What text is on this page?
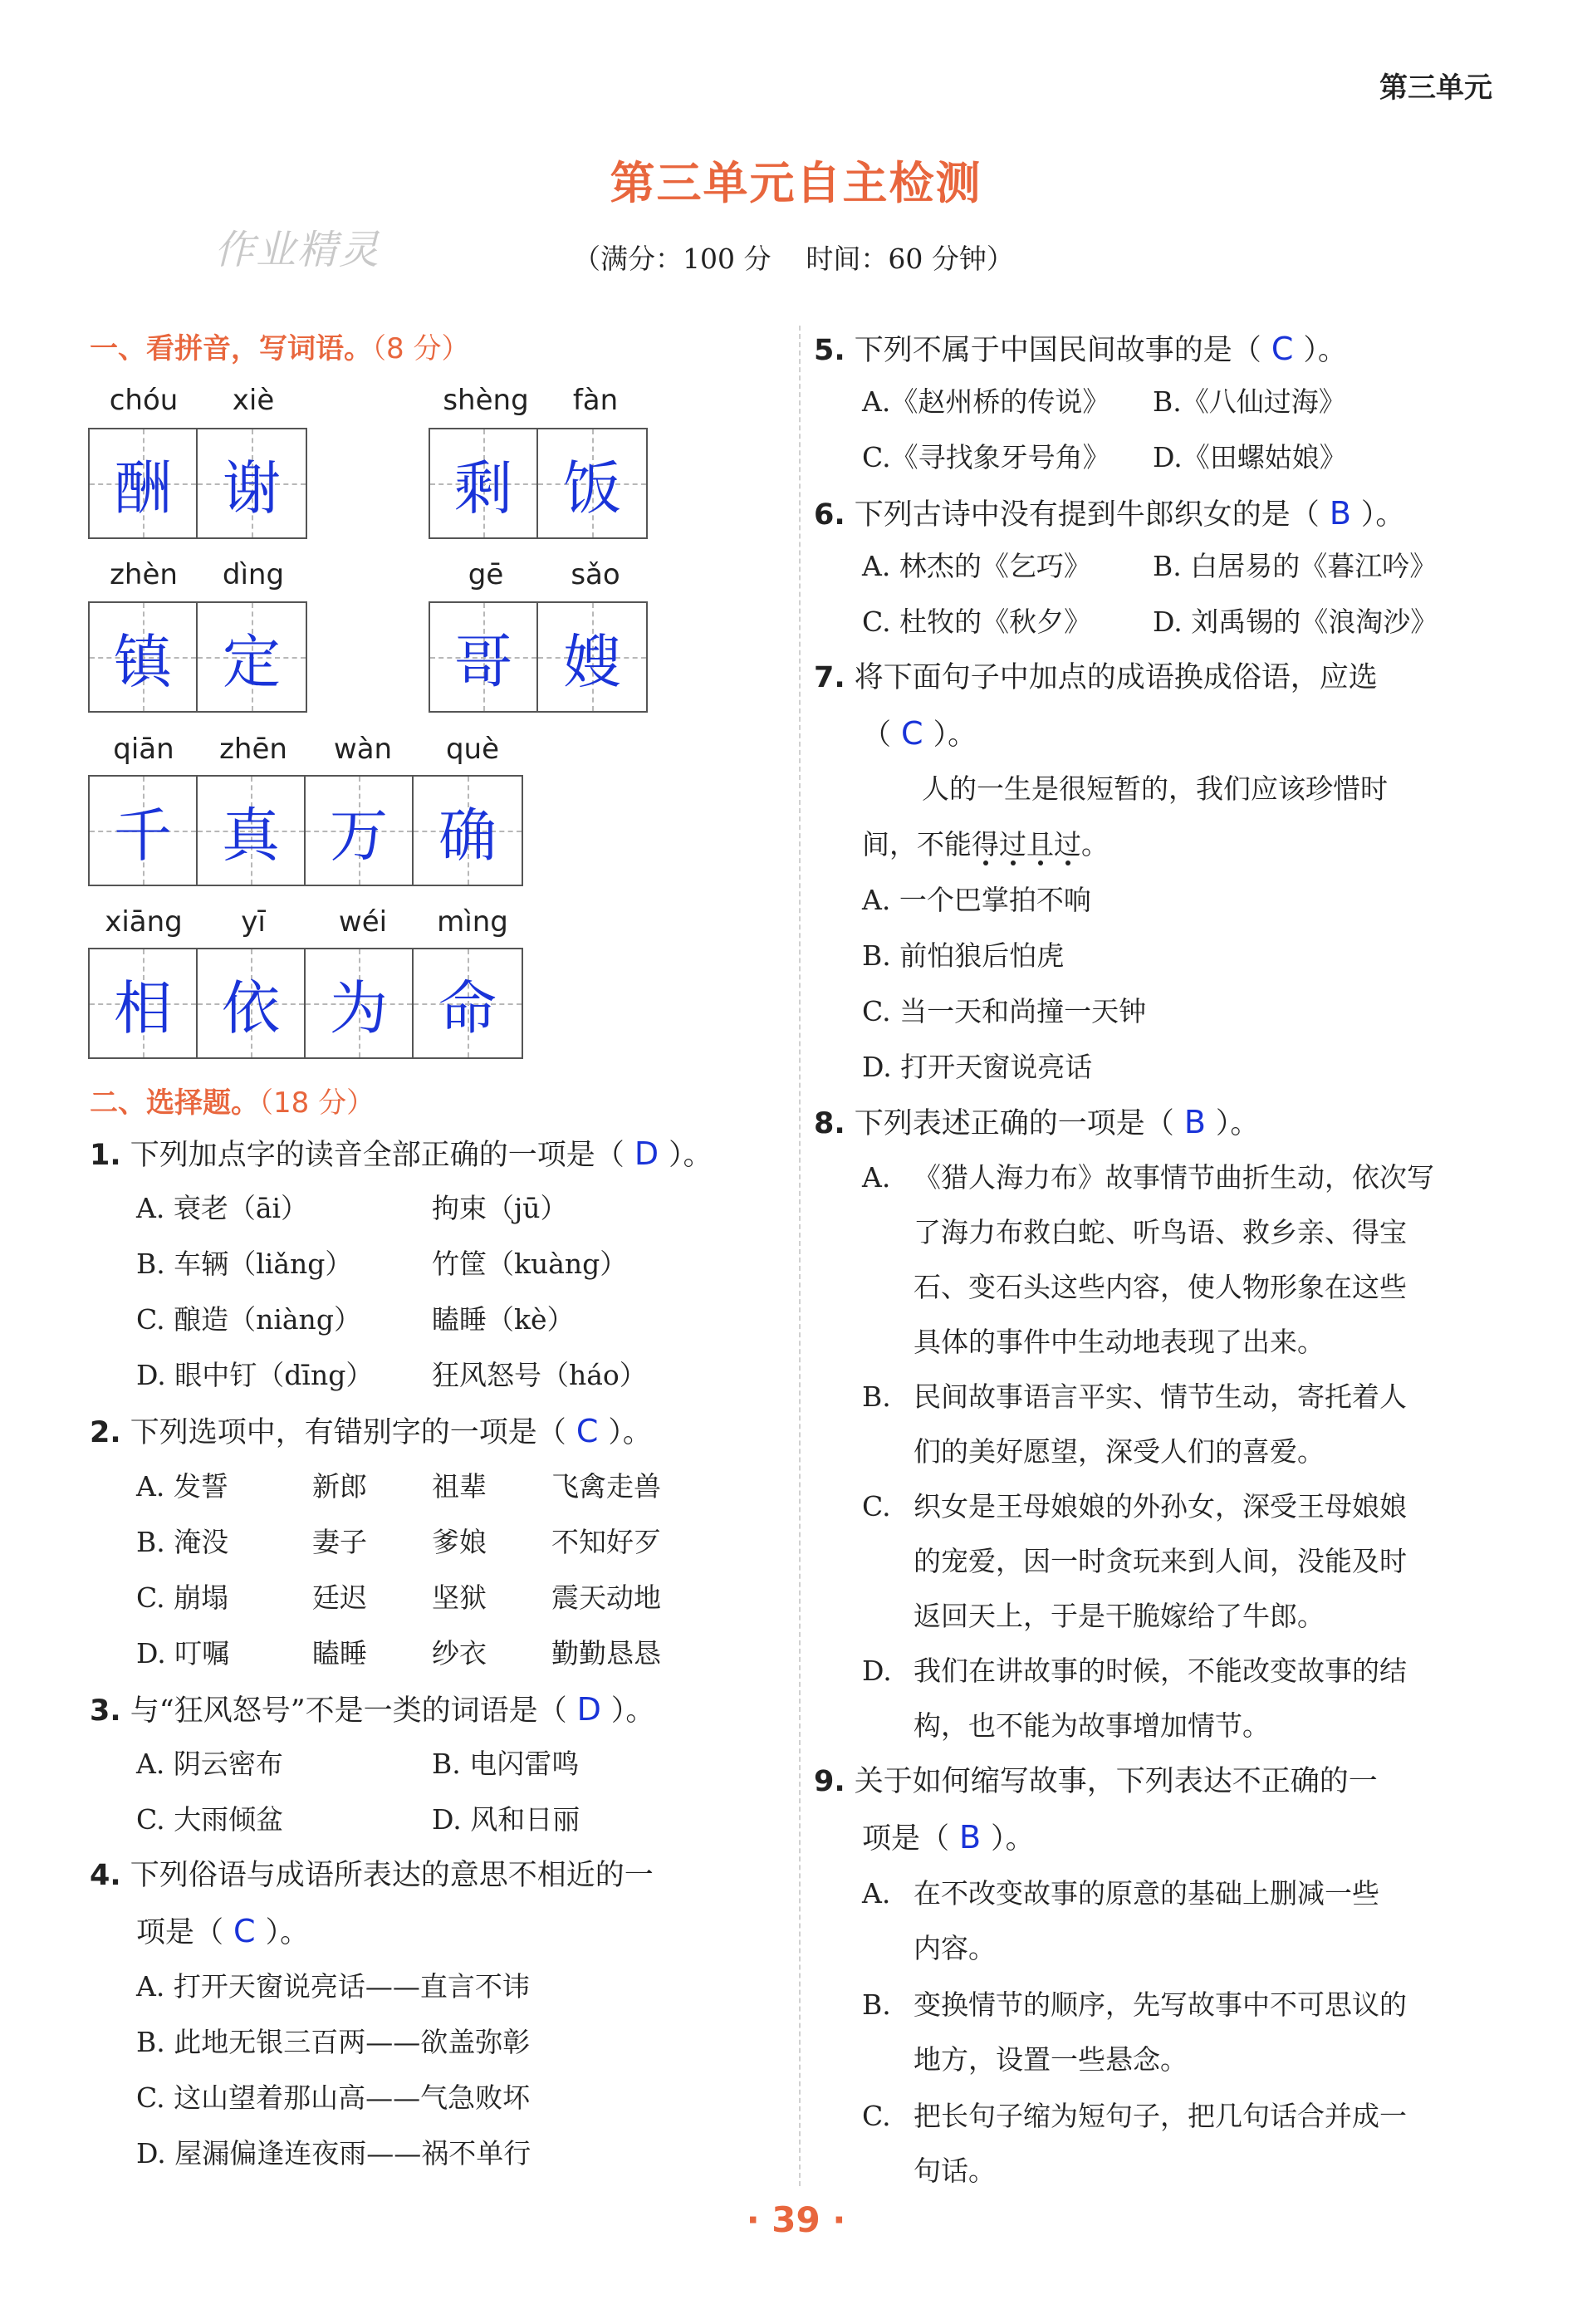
第三单元
第三单元自主检测
作业精灵	（满分：100 分    时间：60 分钟）
一、看拼音，写词语。（8 分）
chóu	xiè
酬 谢
shèng	fàn
剩 饭
zhèn	dìng
镇 定
gē	sǎo
哥 嫂
qiān	zhēn	wàn	què
千 真 万 确
xiāng	yī	wéi	mìng
相 依 为 命
二、选择题。（18 分）
1. 下列加点字的读音全部正确的一项是（ D ）。
A. 衰老（āi）	拘束（jū）
B. 车辆（liǎng）	竹筐（kuàng）
C. 酿造（niàng）	瞌睡（kè）
D. 眼中钉（dīng） 狂风怒号（háo）
2. 下列选项中，有错别字的一项是（ C ）。
A. 发誓	新郎 祖辈 飞禽走兽
B. 淹没	妻子 爹娘 不知好歹
C. 崩塌	廷迟 坚狱 震天动地
D. 叮嘱	瞌睡 纱衣 勤勤恳恳
3. 与“狂风怒号”不是一类的词语是（ D ）。
A. 阴云密布	B. 电闪雷鸣
C. 大雨倾盆	D. 风和日丽
4. 下列俗语与成语所表达的意思不相近的一
项是（ C ）。
A. 打开天窗说亮话——直言不讳
B. 此地无银三百两——欲盖弥彰
C. 这山望着那山高——气急败坏
D. 屋漏偏逢连夜雨——祸不单行
5. 下列不属于中国民间故事的是（ C ）。
A.《赵州桥的传说》 B.《八仙过海》
C.《寻找象牙号角》 D.《田螺姑娘》
6. 下列古诗中没有提到牛郎织女的是（ B ）。
A. 林杰的《乞巧》 B. 白居易的《暮江吟》
C. 杜牧的《秋夕》 D. 刘禹锡的《浪淘沙》
7. 将下面句子中加点的成语换成俗语，应选
（ C ）。
人的一生是很短暂的，我们应该珍惜时
间，不能得过且过。
A. 一个巴掌拍不响
B. 前怕狼后怕虎
C. 当一天和尚撞一天钟
D. 打开天窗说亮话
8. 下列表述正确的一项是（ B ）。
A. 《猎人海力布》故事情节曲折生动，依次写
了海力布救白蛇、听鸟语、救乡亲、得宝
石、变石头这些内容，使人物形象在这些
具体的事件中生动地表现了出来。
B. 民间故事语言平实、情节生动，寄托着人
们的美好愿望，深受人们的喜爱。
C. 织女是王母娘娘的外孙女，深受王母娘娘
的宠爱，因一时贪玩来到人间，没能及时
返回天上，于是干脆嫁给了牛郎。
D. 我们在讲故事的时候，不能改变故事的结
构，也不能为故事增加情节。
9. 关于如何缩写故事，下列表达不正确的一
项是（ B ）。
A. 在不改变故事的原意的基础上删减一些
内容。
B. 变换情节的顺序，先写故事中不可思议的
地方，设置一些悬念。
C. 把长句子缩为短句子，把几句话合并成一
句话。
· 39 ·
